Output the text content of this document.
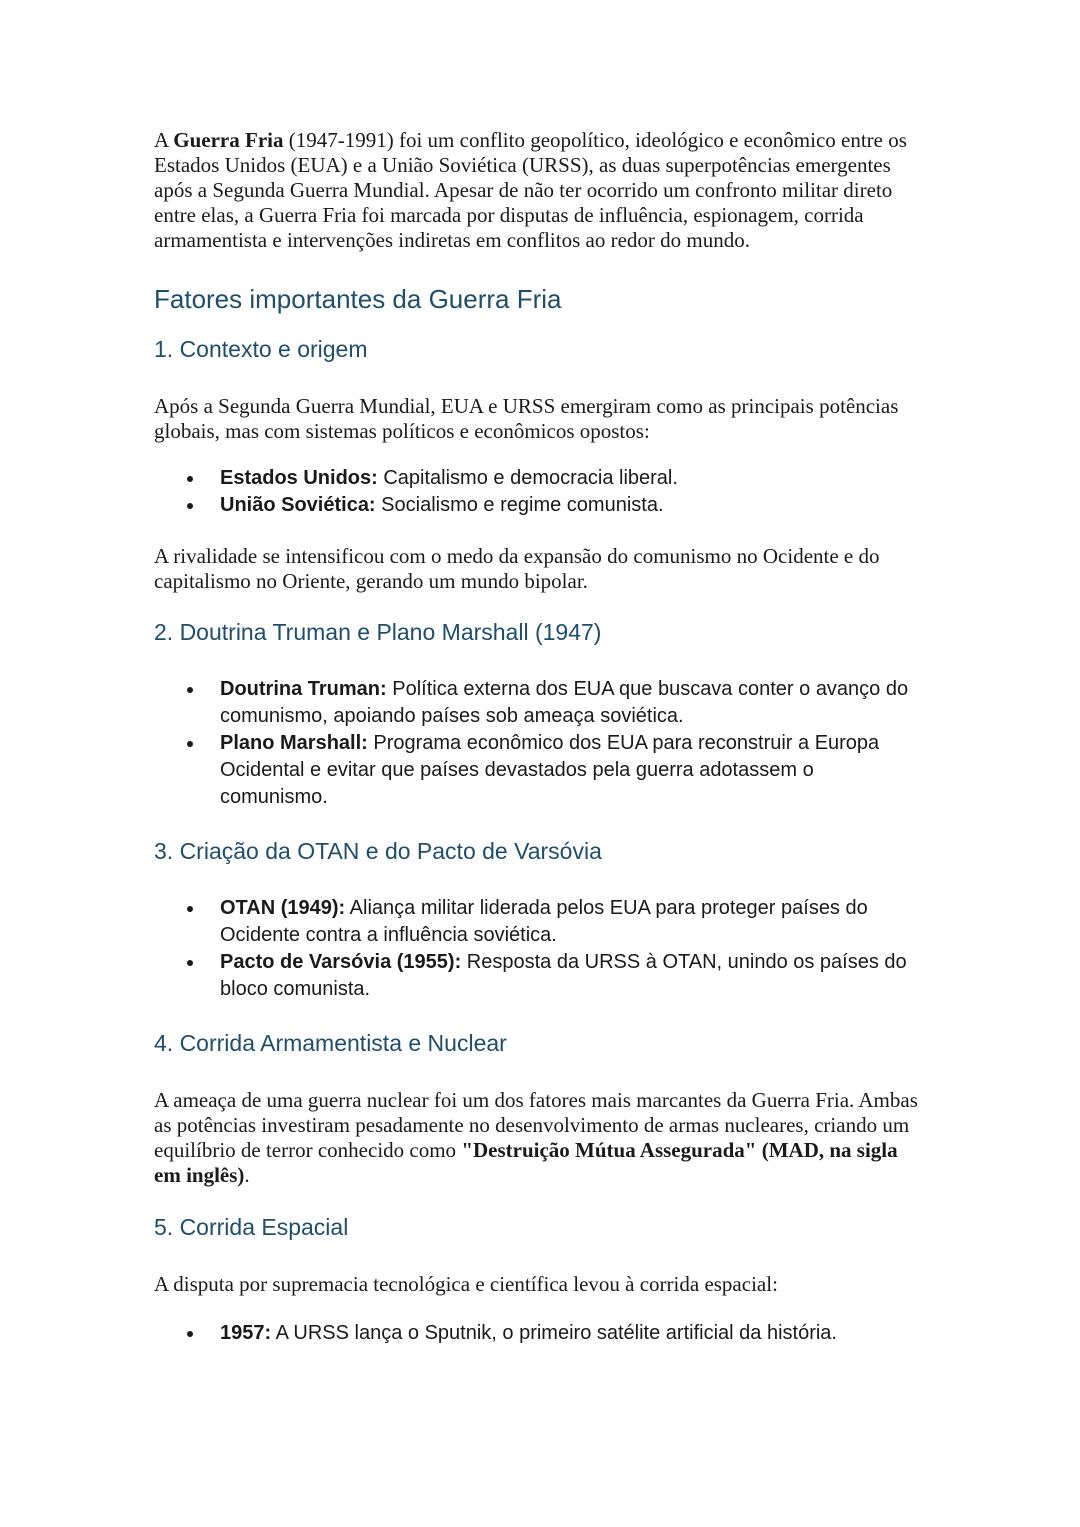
A Guerra Fria (1947-1991) foi um conflito geopolítico, ideológico e econômico entre os Estados Unidos (EUA) e a União Soviética (URSS), as duas superpotências emergentes após a Segunda Guerra Mundial. Apesar de não ter ocorrido um confronto militar direto entre elas, a Guerra Fria foi marcada por disputas de influência, espionagem, corrida armamentista e intervenções indiretas em conflitos ao redor do mundo.

Fatores importantes da Guerra Fria
1. Contexto e origem

Após a Segunda Guerra Mundial, EUA e URSS emergiram como as principais potências globais, mas com sistemas políticos e econômicos opostos:

Estados Unidos: Capitalismo e democracia liberal.
União Soviética: Socialismo e regime comunista.

A rivalidade se intensificou com o medo da expansão do comunismo no Ocidente e do capitalismo no Oriente, gerando um mundo bipolar.

2. Doutrina Truman e Plano Marshall (1947)
Doutrina Truman: Política externa dos EUA que buscava conter o avanço do comunismo, apoiando países sob ameaça soviética.
Plano Marshall: Programa econômico dos EUA para reconstruir a Europa Ocidental e evitar que países devastados pela guerra adotassem o comunismo.
3. Criação da OTAN e do Pacto de Varsóvia
OTAN (1949): Aliança militar liderada pelos EUA para proteger países do Ocidente contra a influência soviética.
Pacto de Varsóvia (1955): Resposta da URSS à OTAN, unindo os países do bloco comunista.
4. Corrida Armamentista e Nuclear

A ameaça de uma guerra nuclear foi um dos fatores mais marcantes da Guerra Fria. Ambas as potências investiram pesadamente no desenvolvimento de armas nucleares, criando um equilíbrio de terror conhecido como "Destruição Mútua Assegurada" (MAD, na sigla em inglês).

5. Corrida Espacial

A disputa por supremacia tecnológica e científica levou à corrida espacial:

1957: A URSS lança o Sputnik, o primeiro satélite artificial da história.
